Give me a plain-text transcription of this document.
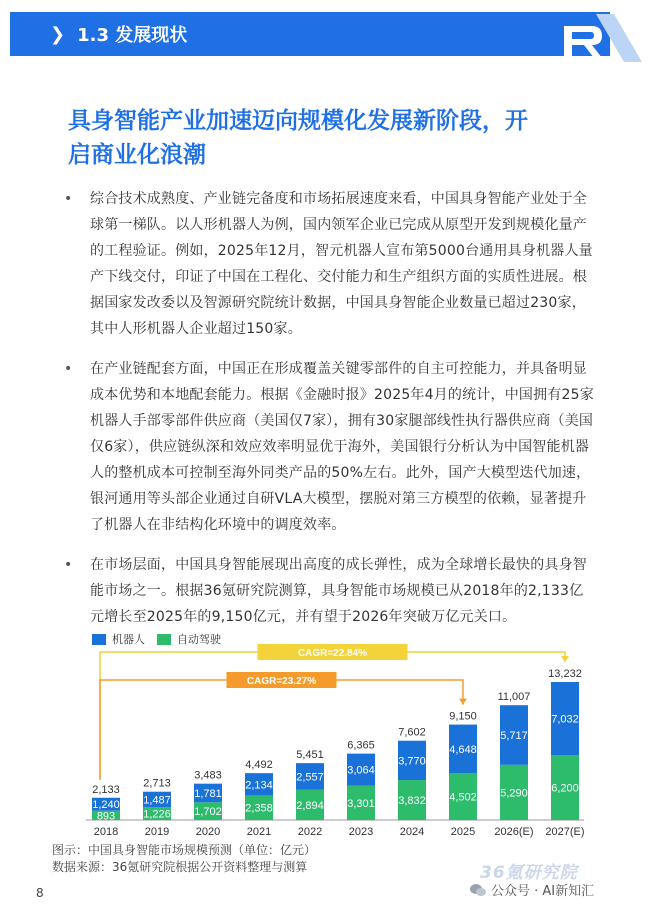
❯ 1.3 发展现状
具身智能产业加速迈向规模化发展新阶段，开
启商业化浪潮
•	综合技术成熟度、产业链完备度和市场拓展速度来看，中国具身智能产业处于全球第一梯队。以人形机器人为例，国内领军企业已完成从原型开发到规模化量产的工程验证。例如，2025年12月，智元机器人宣布第5000台通用具身机器人量产下线交付，印证了中国在工程化、交付能力和生产组织方面的实质性进展。根据国家发改委以及智源研究院统计数据，中国具身智能企业数量已超过230家，其中人形机器人企业超过150家。
•	在产业链配套方面，中国正在形成覆盖关键零部件的自主可控能力，并具备明显成本优势和本地配套能力。根据《金融时报》2025年4月的统计，中国拥有25家机器人手部零部件供应商（美国仅7家），拥有30家腿部线性执行器供应商（美国仅6家），供应链纵深和效应效率明显优于海外，美国银行分析认为中国智能机器人的整机成本可控制至海外同类产品的50%左右。此外，国产大模型迭代加速，银河通用等头部企业通过自研VLA大模型，摆脱对第三方模型的依赖，显著提升了机器人在非结构化环境中的调度效率。
•	在市场层面，中国具身智能展现出高度的成长弹性，成为全球增长最快的具身智能市场之一。根据36氪研究院测算，具身智能市场规模已从2018年的2,133亿元增长至2025年的9,150亿元，并有望于2026年突破万亿元关口。
机器人	自动驾驶
893
1,240
2,133
2018
1,226
1,487
2,713
2019
1,702
1,781
3,483
2020
2,358
2,134
4,492
2021
2,894
2,557
5,451
2022
3,301
3,064
6,365
2023
3,832
3,770
7,602
2024
4,502
4,648
9,150
2025
5,290
5,717
11,007
2026(E)
6,200
7,032
13,232
2027(E)
CAGR=22.84%
CAGR=23.27%
图示：中国具身智能市场规模预测（单位：亿元）
数据来源：36氪研究院根据公开资料整理与测算
8
36氪研究院
公众号 · AI新知汇
